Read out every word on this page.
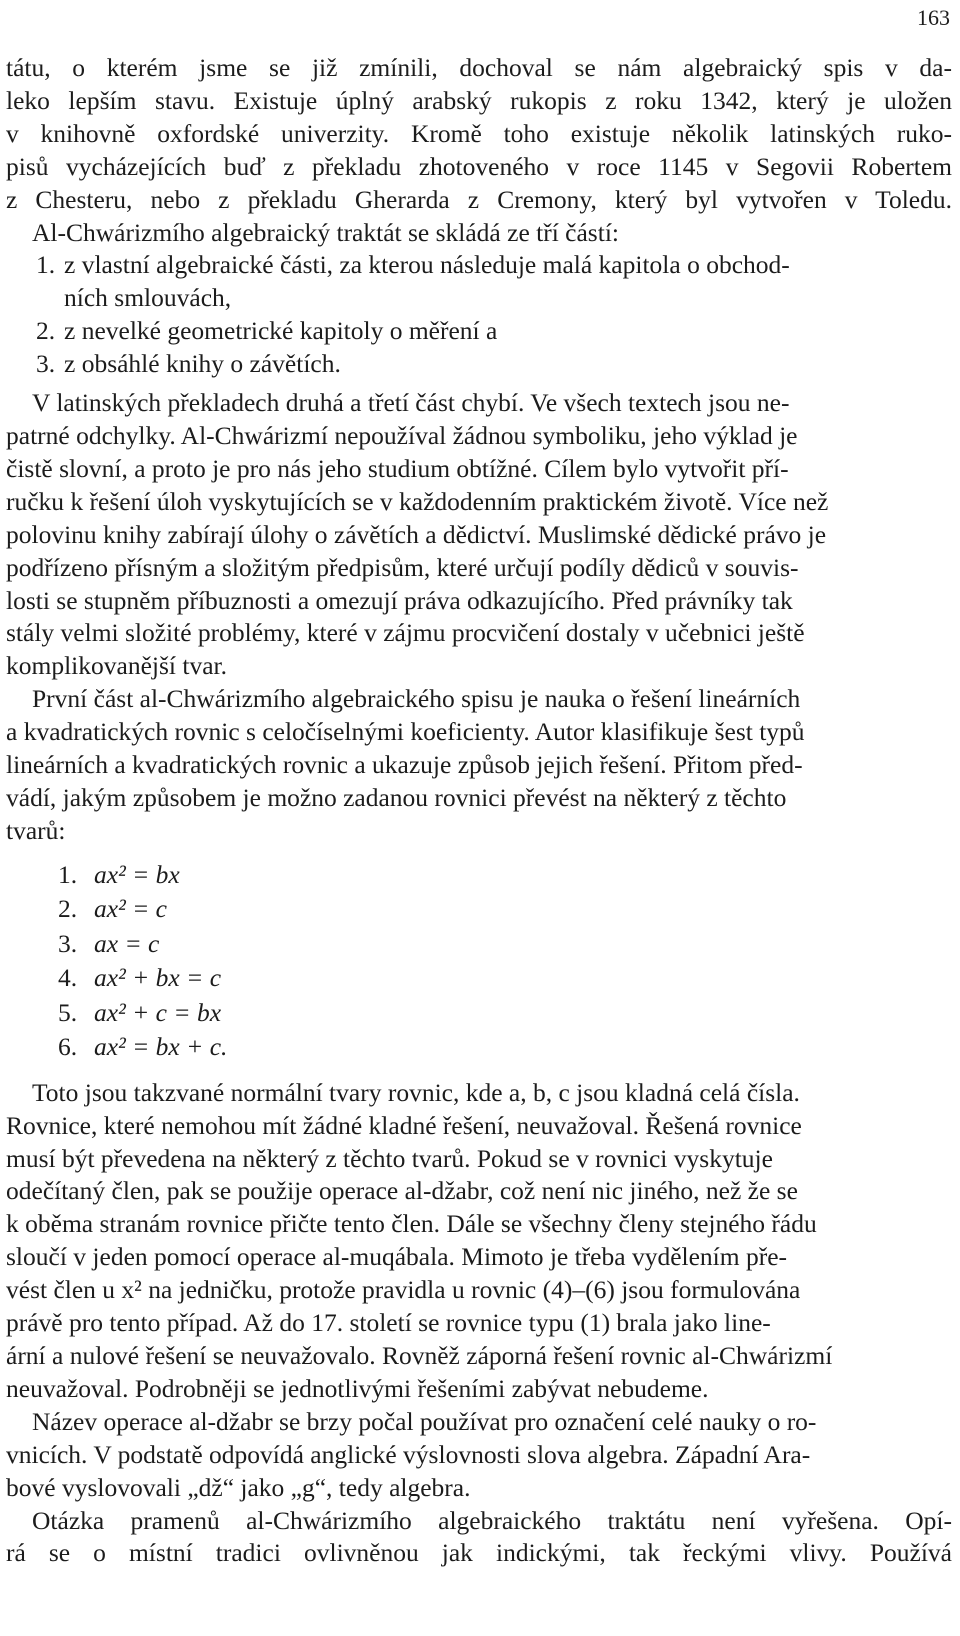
163

tátu, o kterém jsme se již zmínili, dochoval se nám algebraický spis v da-
leko lepším stavu. Existuje úplný arabský rukopis z roku 1342, který je uložen
v knihovně oxfordské univerzity. Kromě toho existuje několik latinských ruko-
pisů vycházejících buď z překladu zhotoveného v roce 1145 v Segovii Robertem
z Chesteru, nebo z překladu Gherarda z Cremony, který byl vytvořen v Toledu.

Al-Chwárizmího algebraický traktát se skládá ze tří částí:

1. z vlastní algebraické části, za kterou následuje malá kapitola o obchod-
ních smlouvách,
2. z nevelké geometrické kapitoly o měření a
3. z obsáhlé knihy o závětích.

V latinských překladech druhá a třetí část chybí. Ve všech textech jsou ne-
patrné odchylky. Al-Chwárizmí nepoužíval žádnou symboliku, jeho výklad je
čistě slovní, a proto je pro nás jeho studium obtížné. Cílem bylo vytvořit pří-
ručku k řešení úloh vyskytujících se v každodenním praktickém životě. Více než
polovinu knihy zabírají úlohy o závětích a dědictví. Muslimské dědické právo je
podřízeno přísným a složitým předpisům, které určují podíly dědiců v souvis-
losti se stupněm příbuznosti a omezují práva odkazujícího. Před právníky tak
stály velmi složité problémy, které v zájmu procvičení dostaly v učebnici ještě
komplikovanější tvar.

První část al-Chwárizmího algebraického spisu je nauka o řešení lineárních
a kvadratických rovnic s celočíselnými koeficienty. Autor klasifikuje šest typů
lineárních a kvadratických rovnic a ukazuje způsob jejich řešení. Přitom před-
vádí, jakým způsobem je možno zadanou rovnici převést na některý z těchto
tvarů:

1. ax² = bx
2. ax² = c
3. ax = c
4. ax² + bx = c
5. ax² + c = bx
6. ax² = bx + c.

Toto jsou takzvané normální tvary rovnic, kde a, b, c jsou kladná celá čísla.
Rovnice, které nemohou mít žádné kladné řešení, neuvažoval. Řešená rovnice
musí být převedena na některý z těchto tvarů. Pokud se v rovnici vyskytuje
odečítaný člen, pak se použije operace al-džabr, což není nic jiného, než že se
k oběma stranám rovnice přičte tento člen. Dále se všechny členy stejného řádu
sloučí v jeden pomocí operace al-muqábala. Mimoto je třeba vydělením pře-
vést člen u x² na jedničku, protože pravidla u rovnic (4)–(6) jsou formulována
právě pro tento případ. Až do 17. století se rovnice typu (1) brala jako line-
ární a nulové řešení se neuvažovalo. Rovněž záporná řešení rovnic al-Chwárizmí
neuvažoval. Podrobněji se jednotlivými řešeními zabývat nebudeme.

Název operace al-džabr se brzy počal používat pro označení celé nauky o ro-
vnicích. V podstatě odpovídá anglické výslovnosti slova algebra. Západní Ara-
bové vyslovovali „dž“ jako „g“, tedy algebra.

Otázka pramenů al-Chwárizmího algebraického traktátu není vyřešena. Opí-
rá se o místní tradici ovlivněnou jak indickými, tak řeckými vlivy. Používá
